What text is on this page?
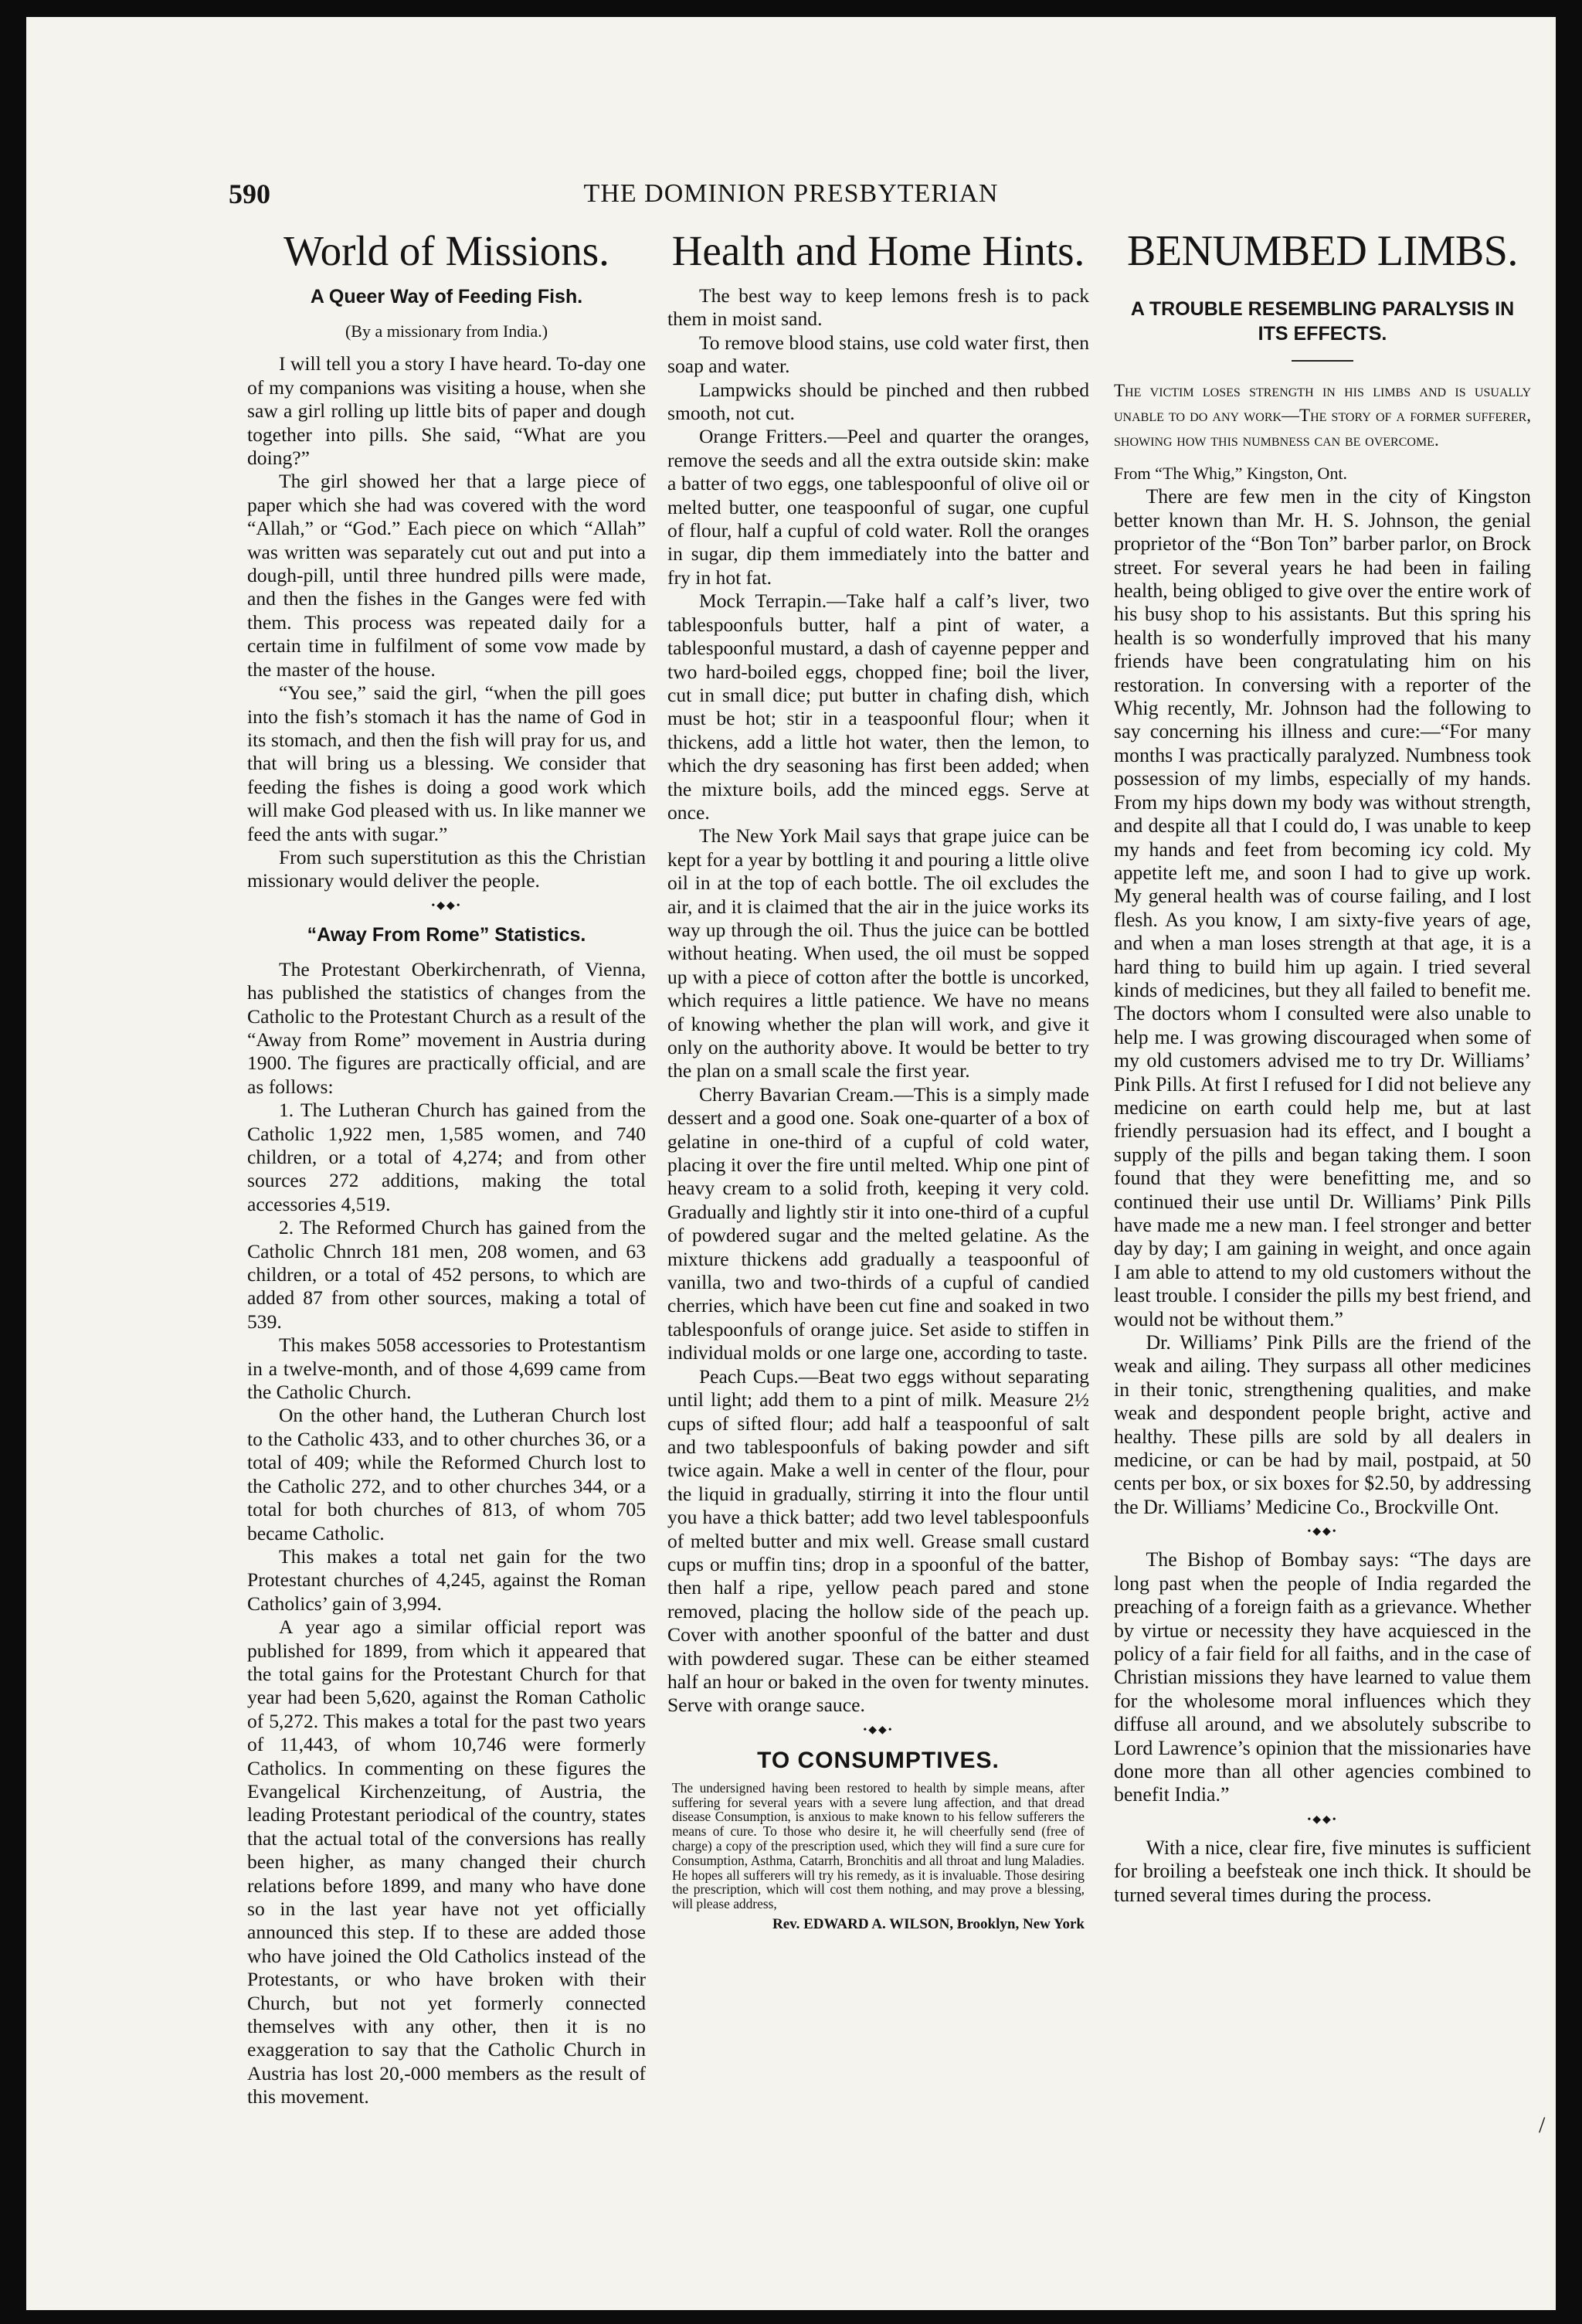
590	THE DOMINION PRESBYTERIAN
World of Missions.
A Queer Way of Feeding Fish.
(By a missionary from India.)

I will tell you a story I have heard. To-day one of my companions was visiting a house, when she saw a girl rolling up little bits of paper and dough together into pills. She said, “What are you doing?”

The girl showed her that a large piece of paper which she had was covered with the word “Allah,” or “God.” Each piece on which “Allah” was written was separately cut out and put into a dough-pill, until three hundred pills were made, and then the fishes in the Ganges were fed with them. This process was repeated daily for a certain time in fulfilment of some vow made by the master of the house.

“You see,” said the girl, “when the pill goes into the fish’s stomach it has the name of God in its stomach, and then the fish will pray for us, and that will bring us a blessing. We consider that feeding the fishes is doing a good work which will make God pleased with us. In like manner we feed the ants with sugar.”

From such superstitution as this the Christian missionary would deliver the people.

•◆◆•
“Away From Rome” Statistics.

The Protestant Oberkirchenrath, of Vienna, has published the statistics of changes from the Catholic to the Protestant Church as a result of the “Away from Rome” movement in Austria during 1900. The figures are practically official, and are as follows:

1. The Lutheran Church has gained from the Catholic 1,922 men, 1,585 women, and 740 children, or a total of 4,274; and from other sources 272 additions, making the total accessories 4,519.

2. The Reformed Church has gained from the Catholic Chnrch 181 men, 208 women, and 63 children, or a total of 452 persons, to which are added 87 from other sources, making a total of 539.

This makes 5058 accessories to Protestantism in a twelve-month, and of those 4,699 came from the Catholic Church.

On the other hand, the Lutheran Church lost to the Catholic 433, and to other churches 36, or a total of 409; while the Reformed Church lost to the Catholic 272, and to other churches 344, or a total for both churches of 813, of whom 705 became Catholic.

This makes a total net gain for the two Protestant churches of 4,245, against the Roman Catholics’ gain of 3,994.

A year ago a similar official report was published for 1899, from which it appeared that the total gains for the Protestant Church for that year had been 5,620, against the Roman Catholic of 5,272. This makes a total for the past two years of 11,443, of whom 10,746 were formerly Catholics. In commenting on these figures the Evangelical Kirchenzeitung, of Austria, the leading Protestant periodical of the country, states that the actual total of the conversions has really been higher, as many changed their church relations before 1899, and many who have done so in the last year have not yet officially announced this step. If to these are added those who have joined the Old Catholics instead of the Protestants, or who have broken with their Church, but not yet formerly connected themselves with any other, then it is no exaggeration to say that the Catholic Church in Austria has lost 20,-000 members as the result of this movement.

Health and Home Hints.

The best way to keep lemons fresh is to pack them in moist sand.

To remove blood stains, use cold water first, then soap and water.

Lampwicks should be pinched and then rubbed smooth, not cut.

Orange Fritters.—Peel and quarter the oranges, remove the seeds and all the extra outside skin: make a batter of two eggs, one tablespoonful of olive oil or melted butter, one teaspoonful of sugar, one cupful of flour, half a cupful of cold water. Roll the oranges in sugar, dip them immediately into the batter and fry in hot fat.

Mock Terrapin.—Take half a calf’s liver, two tablespoonfuls butter, half a pint of water, a tablespoonful mustard, a dash of cayenne pepper and two hard-boiled eggs, chopped fine; boil the liver, cut in small dice; put butter in chafing dish, which must be hot; stir in a teaspoonful flour; when it thickens, add a little hot water, then the lemon, to which the dry seasoning has first been added; when the mixture boils, add the minced eggs. Serve at once.

The New York Mail says that grape juice can be kept for a year by bottling it and pouring a little olive oil in at the top of each bottle. The oil excludes the air, and it is claimed that the air in the juice works its way up through the oil. Thus the juice can be bottled without heating. When used, the oil must be sopped up with a piece of cotton after the bottle is uncorked, which requires a little patience. We have no means of knowing whether the plan will work, and give it only on the authority above. It would be better to try the plan on a small scale the first year.

Cherry Bavarian Cream.—This is a simply made dessert and a good one. Soak one-quarter of a box of gelatine in one-third of a cupful of cold water, placing it over the fire until melted. Whip one pint of heavy cream to a solid froth, keeping it very cold. Gradually and lightly stir it into one-third of a cupful of powdered sugar and the melted gelatine. As the mixture thickens add gradually a teaspoonful of vanilla, two and two-thirds of a cupful of candied cherries, which have been cut fine and soaked in two tablespoonfuls of orange juice. Set aside to stiffen in individual molds or one large one, according to taste.

Peach Cups.—Beat two eggs without separating until light; add them to a pint of milk. Measure 2½ cups of sifted flour; add half a teaspoonful of salt and two tablespoonfuls of baking powder and sift twice again. Make a well in center of the flour, pour the liquid in gradually, stirring it into the flour until you have a thick batter; add two level tablespoonfuls of melted butter and mix well. Grease small custard cups or muffin tins; drop in a spoonful of the batter, then half a ripe, yellow peach pared and stone removed, placing the hollow side of the peach up. Cover with another spoonful of the batter and dust with powdered sugar. These can be either steamed half an hour or baked in the oven for twenty minutes. Serve with orange sauce.

•◆◆•
TO CONSUMPTIVES.

The undersigned having been restored to health by simple means, after suffering for several years with a severe lung affection, and that dread disease Consumption, is anxious to make known to his fellow sufferers the means of cure. To those who desire it, he will cheerfully send (free of charge) a copy of the prescription used, which they will find a sure cure for Consumption, Asthma, Catarrh, Bronchitis and all throat and lung Maladies. He hopes all sufferers will try his remedy, as it is invaluable. Those desiring the prescription, which will cost them nothing, and may prove a blessing, will please address,

Rev. EDWARD A. WILSON, Brooklyn, New York
BENUMBED LIMBS.
A TROUBLE RESEMBLING PARALYSIS IN ITS EFFECTS.

The victim loses strength in his limbs and is usually unable to do any work—The story of a former sufferer, showing how this numbness can be overcome.

From “The Whig,” Kingston, Ont.

There are few men in the city of Kingston better known than Mr. H. S. Johnson, the genial proprietor of the “Bon Ton” barber parlor, on Brock street. For several years he had been in failing health, being obliged to give over the entire work of his busy shop to his assistants. But this spring his health is so wonderfully improved that his many friends have been congratulating him on his restoration. In conversing with a reporter of the Whig recently, Mr. Johnson had the following to say concerning his illness and cure:—“For many months I was practically paralyzed. Numbness took possession of my limbs, especially of my hands. From my hips down my body was without strength, and despite all that I could do, I was unable to keep my hands and feet from becoming icy cold. My appetite left me, and soon I had to give up work. My general health was of course failing, and I lost flesh. As you know, I am sixty-five years of age, and when a man loses strength at that age, it is a hard thing to build him up again. I tried several kinds of medicines, but they all failed to benefit me. The doctors whom I consulted were also unable to help me. I was growing discouraged when some of my old customers advised me to try Dr. Williams’ Pink Pills. At first I refused for I did not believe any medicine on earth could help me, but at last friendly persuasion had its effect, and I bought a supply of the pills and began taking them. I soon found that they were benefitting me, and so continued their use until Dr. Williams’ Pink Pills have made me a new man. I feel stronger and better day by day; I am gaining in weight, and once again I am able to attend to my old customers without the least trouble. I consider the pills my best friend, and would not be without them.”

Dr. Williams’ Pink Pills are the friend of the weak and ailing. They surpass all other medicines in their tonic, strengthening qualities, and make weak and despondent people bright, active and healthy. These pills are sold by all dealers in medicine, or can be had by mail, postpaid, at 50 cents per box, or six boxes for $2.50, by addressing the Dr. Williams’ Medicine Co., Brockville Ont.

•◆◆•

The Bishop of Bombay says: “The days are long past when the people of India regarded the preaching of a foreign faith as a grievance. Whether by virtue or necessity they have acquiesced in the policy of a fair field for all faiths, and in the case of Christian missions they have learned to value them for the wholesome moral influences which they diffuse all around, and we absolutely subscribe to Lord Lawrence’s opinion that the missionaries have done more than all other agencies combined to benefit India.”

•◆◆•

With a nice, clear fire, five minutes is sufficient for broiling a beefsteak one inch thick. It should be turned several times during the process.

/
